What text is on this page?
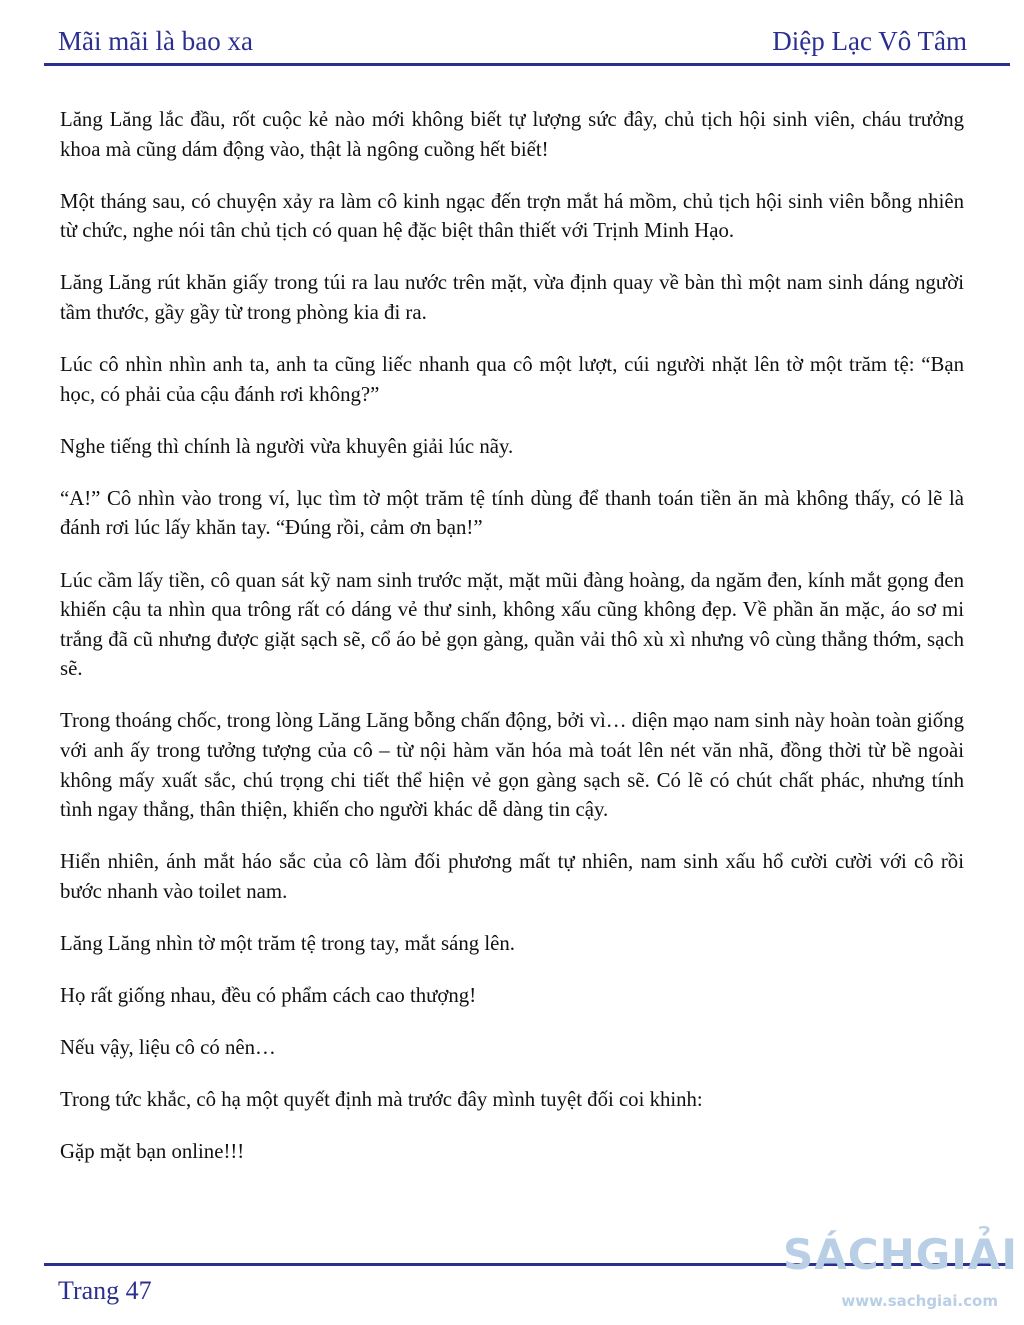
Mãi mãi là bao xa	Diệp Lạc Vô Tâm

Lăng Lăng lắc đầu, rốt cuộc kẻ nào mới không biết tự lượng sức đây, chủ tịch hội sinh viên, cháu trưởng khoa mà cũng dám động vào, thật là ngông cuồng hết biết!

Một tháng sau, có chuyện xảy ra làm cô kinh ngạc đến trợn mắt há mồm, chủ tịch hội sinh viên bỗng nhiên từ chức, nghe nói tân chủ tịch có quan hệ đặc biệt thân thiết với Trịnh Minh Hạo.

Lăng Lăng rút khăn giấy trong túi ra lau nước trên mặt, vừa định quay về bàn thì một nam sinh dáng người tầm thước, gầy gầy từ trong phòng kia đi ra.

Lúc cô nhìn nhìn anh ta, anh ta cũng liếc nhanh qua cô một lượt, cúi người nhặt lên tờ một trăm tệ: “Bạn học, có phải của cậu đánh rơi không?”

Nghe tiếng thì chính là người vừa khuyên giải lúc nãy.

“A!” Cô nhìn vào trong ví, lục tìm tờ một trăm tệ tính dùng để thanh toán tiền ăn mà không thấy, có lẽ là đánh rơi lúc lấy khăn tay. “Đúng rồi, cảm ơn bạn!”

Lúc cầm lấy tiền, cô quan sát kỹ nam sinh trước mặt, mặt mũi đàng hoàng, da ngăm đen, kính mắt gọng đen khiến cậu ta nhìn qua trông rất có dáng vẻ thư sinh, không xấu cũng không đẹp. Về phần ăn mặc, áo sơ mi trắng đã cũ nhưng được giặt sạch sẽ, cổ áo bẻ gọn gàng, quần vải thô xù xì nhưng vô cùng thẳng thớm, sạch sẽ.

Trong thoáng chốc, trong lòng Lăng Lăng bỗng chấn động, bởi vì… diện mạo nam sinh này hoàn toàn giống với anh ấy trong tưởng tượng của cô – từ nội hàm văn hóa mà toát lên nét văn nhã, đồng thời từ bề ngoài không mấy xuất sắc, chú trọng chi tiết thể hiện vẻ gọn gàng sạch sẽ. Có lẽ có chút chất phác, nhưng tính tình ngay thẳng, thân thiện, khiến cho người khác dễ dàng tin cậy.

Hiển nhiên, ánh mắt háo sắc của cô làm đối phương mất tự nhiên, nam sinh xấu hổ cười cười với cô rồi bước nhanh vào toilet nam.

Lăng Lăng nhìn tờ một trăm tệ trong tay, mắt sáng lên.

Họ rất giống nhau, đều có phẩm cách cao thượng!

Nếu vậy, liệu cô có nên…

Trong tức khắc, cô hạ một quyết định mà trước đây mình tuyệt đối coi khinh:

Gặp mặt bạn online!!!

Trang 47
SÁCHGIẢI
www.sachgiai.com
